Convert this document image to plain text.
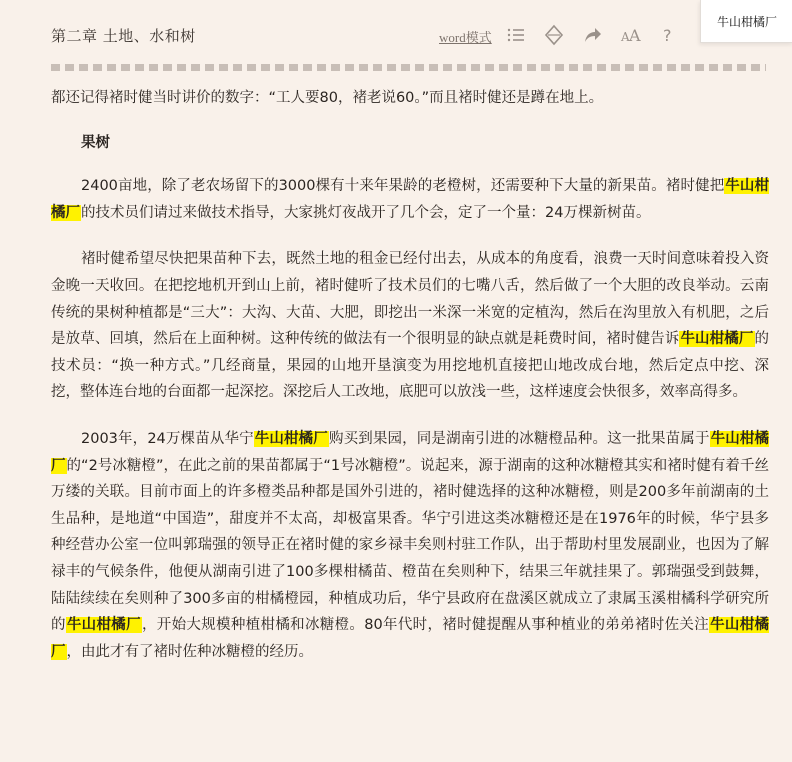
第二章 土地、水和树	word模式	A A ?
牛山柑橘厂

都还记得褚时健当时讲价的数字：“工人要80，褚老说60。”而且褚时健还是蹲在地上。

果树

2400亩地，除了老农场留下的3000棵有十来年果龄的老橙树，还需要种下大量的新果苗。褚时健把牛山柑橘厂的技术员们请过来做技术指导，大家挑灯夜战开了几个会，定了一个量：24万棵新树苗。

褚时健希望尽快把果苗种下去，既然土地的租金已经付出去，从成本的角度看，浪费一天时间意味着投入资金晚一天收回。在把挖地机开到山上前，褚时健听了技术员们的七嘴八舌，然后做了一个大胆的改良举动。云南传统的果树种植都是“三大”：大沟、大苗、大肥，即挖出一米深一米宽的定植沟，然后在沟里放入有机肥，之后是放草、回填，然后在上面种树。这种传统的做法有一个很明显的缺点就是耗费时间，褚时健告诉牛山柑橘厂的技术员：“换一种方式。”几经商量，果园的山地开垦演变为用挖地机直接把山地改成台地，然后定点中挖、深挖，整体连台地的台面都一起深挖。深挖后人工改地，底肥可以放浅一些，这样速度会快很多，效率高得多。

2003年，24万棵苗从华宁牛山柑橘厂购买到果园，同是湖南引进的冰糖橙品种。这一批果苗属于牛山柑橘厂的“2号冰糖橙”，在此之前的果苗都属于“1号冰糖橙”。说起来，源于湖南的这种冰糖橙其实和褚时健有着千丝万缕的关联。目前市面上的许多橙类品种都是国外引进的，褚时健选择的这种冰糖橙，则是200多年前湖南的土生品种，是地道“中国造”，甜度并不太高，却极富果香。华宁引进这类冰糖橙还是在1976年的时候，华宁县多种经营办公室一位叫郭瑞强的领导正在褚时健的家乡禄丰矣则村驻工作队，出于帮助村里发展副业，也因为了解禄丰的气候条件，他便从湖南引进了100多棵柑橘苗、橙苗在矣则种下，结果三年就挂果了。郭瑞强受到鼓舞，陆陆续续在矣则种了300多亩的柑橘橙园，种植成功后，华宁县政府在盘溪区就成立了隶属玉溪柑橘科学研究所的牛山柑橘厂，开始大规模种植柑橘和冰糖橙。80年代时，褚时健提醒从事种植业的弟弟褚时佐关注牛山柑橘厂，由此才有了褚时佐种冰糖橙的经历。
